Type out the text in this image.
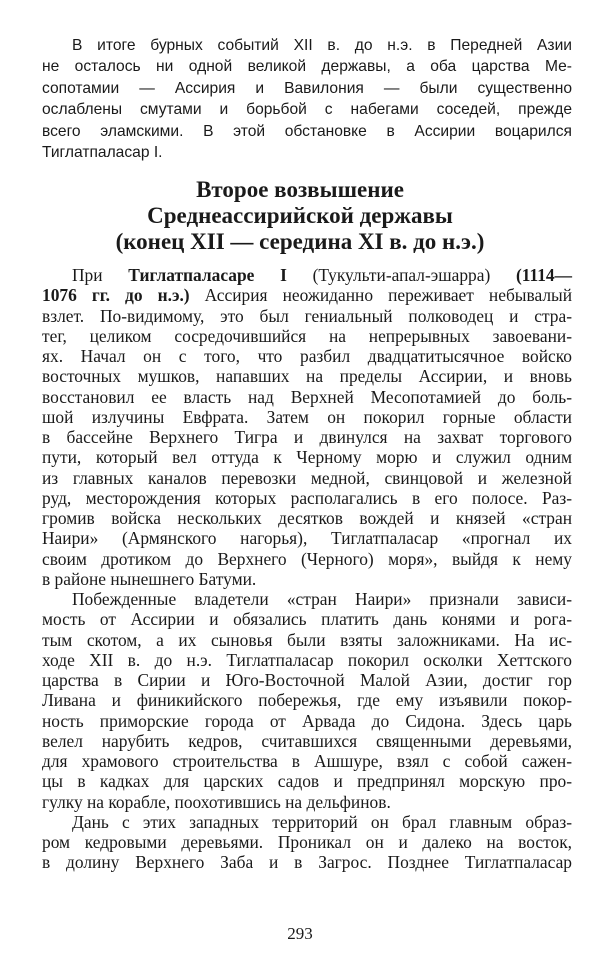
В итоге бурных событий XII в. до н.э. в Передней Азии
не осталось ни одной великой державы, а оба царства Ме-
сопотамии — Ассирия и Вавилония — были существенно
ослаблены смутами и борьбой с набегами соседей, прежде
всего эламскими. В этой обстановке в Ассирии воцарился
Тиглатпаласар I.
Второе возвышение
Среднеассирийской державы
(конец XII — середина XI в. до н.э.)
При Тиглатпаласаре I (Тукульти-апал-эшарра) (1114—
1076 гг. до н.э.) Ассирия неожиданно переживает небывалый
взлет. По-видимому, это был гениальный полководец и стра-
тег, целиком сосредочившийся на непрерывных завоевани-
ях. Начал он с того, что разбил двадцатитысячное войско
восточных мушков, напавших на пределы Ассирии, и вновь
восстановил ее власть над Верхней Месопотамией до боль-
шой излучины Евфрата. Затем он покорил горные области
в бассейне Верхнего Тигра и двинулся на захват торгового
пути, который вел оттуда к Черному морю и служил одним
из главных каналов перевозки медной, свинцовой и железной
руд, месторождения которых располагались в его полосе. Раз-
громив войска нескольких десятков вождей и князей «стран
Наири» (Армянского нагорья), Тиглатпаласар «прогнал их
своим дротиком до Верхнего (Черного) моря», выйдя к нему
в районе нынешнего Батуми.
Побежденные владетели «стран Наири» признали зависи-
мость от Ассирии и обязались платить дань конями и рога-
тым скотом, а их сыновья были взяты заложниками. На ис-
ходе XII в. до н.э. Тиглатпаласар покорил осколки Хеттского
царства в Сирии и Юго-Восточной Малой Азии, достиг гор
Ливана и финикийского побережья, где ему изъявили покор-
ность приморские города от Арвада до Сидона. Здесь царь
велел нарубить кедров, считавшихся священными деревьями,
для храмового строительства в Ашшуре, взял с собой сажен-
цы в кадках для царских садов и предпринял морскую про-
гулку на корабле, поохотившись на дельфинов.
Дань с этих западных территорий он брал главным образ-
ром кедровыми деревьями. Проникал он и далеко на восток,
в долину Верхнего Заба и в Загрос. Позднее Тиглатпаласар
293
